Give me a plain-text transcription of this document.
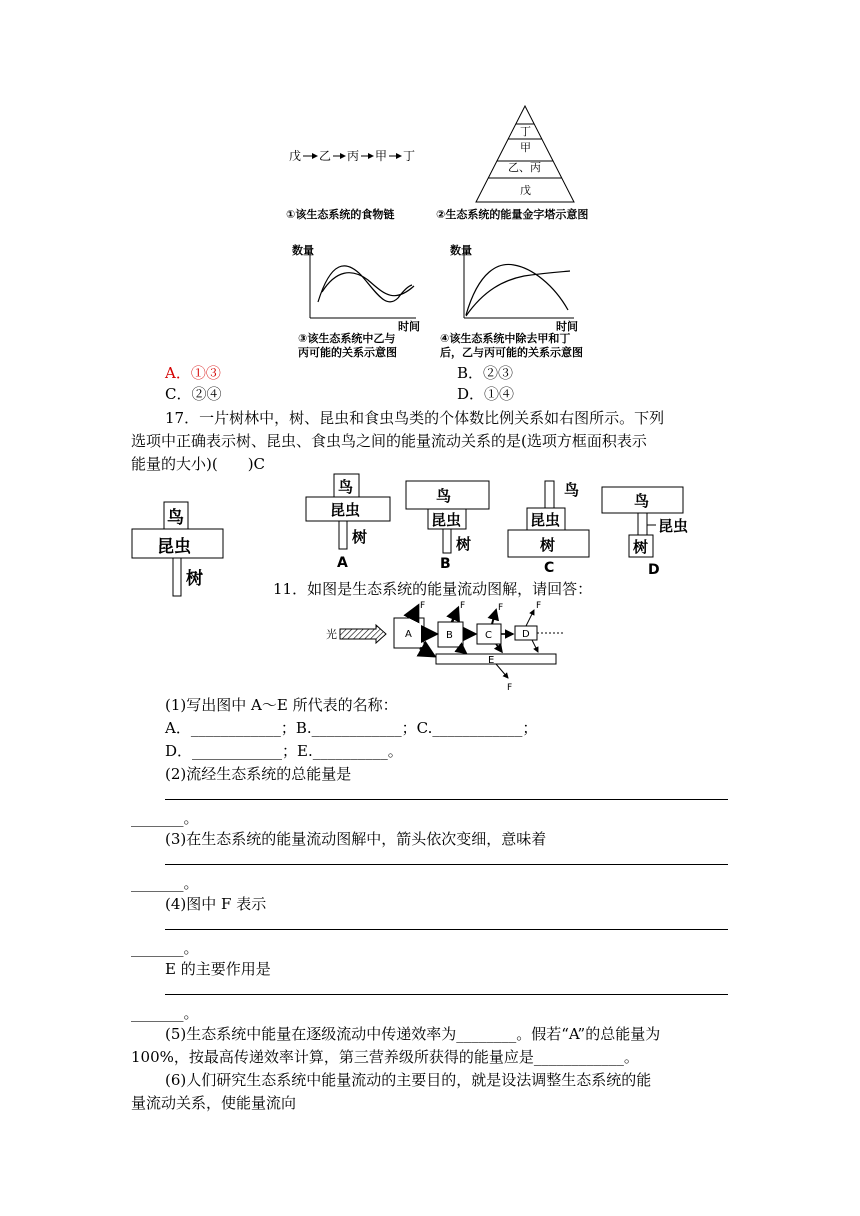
戊 乙 丙 甲 丁
①该生态系统的食物链
丁
甲
乙、丙
戊
②生态系统的能量金字塔示意图
数量
时间
③该生态系统中乙与
丙可能的关系示意图
数量
时间
④该生态系统中除去甲和丁
后，乙与丙可能的关系示意图
A．①③	B．②③
C．②④	D．①④
17．一片树林中，树、昆虫和食虫鸟类的个体数比例关系如右图所示。下列
选项中正确表示树、昆虫、食虫鸟之间的能量流动关系的是(选项方框面积表示
能量的大小)(　　)C
鸟
昆虫
树
鸟
昆虫
树
A
鸟
昆虫
树
B
鸟
昆虫
树
C
鸟
昆虫
树
D
11．如图是生态系统的能量流动图解，请回答：
光
E
A	B	C	D
F	F	F	F
F
(1)写出图中 A～E 所代表的名称：
A．____________；B.____________；C.____________；
D．____________；E.__________。
(2)流经生态系统的总能量是
_______。
(3)在生态系统的能量流动图解中，箭头依次变细，意味着
_______。
(4)图中 F 表示
_______。
E 的主要作用是
_______。
(5)生态系统中能量在逐级流动中传递效率为________。假若“A”的总能量为
100%，按最高传递效率计算，第三营养级所获得的能量应是____________。
(6)人们研究生态系统中能量流动的主要目的，就是设法调整生态系统的能
量流动关系，使能量流向
